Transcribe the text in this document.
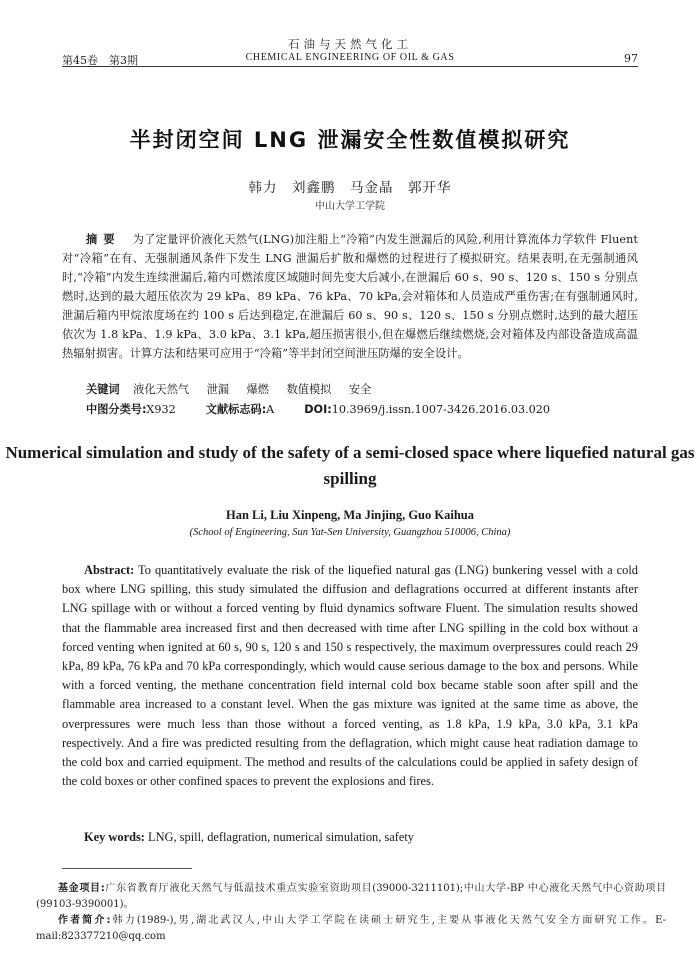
石油与天然气化工
第45卷　第3期	CHEMICAL ENGINEERING OF OIL & GAS	97
半封闭空间 LNG 泄漏安全性数值模拟研究
韩力　刘鑫鹏　马金晶　郭开华
中山大学工学院
摘要 为了定量评价液化天然气(LNG)加注船上“冷箱”内发生泄漏后的风险,利用计算流体力学软件 Fluent 对“冷箱”在有、无强制通风条件下发生 LNG 泄漏后扩散和爆燃的过程进行了模拟研究。结果表明,在无强制通风时,“冷箱”内发生连续泄漏后,箱内可燃浓度区域随时间先变大后减小,在泄漏后 60 s、90 s、120 s、150 s 分别点燃时,达到的最大超压依次为 29 kPa、89 kPa、76 kPa、70 kPa,会对箱体和人员造成严重伤害;在有强制通风时,泄漏后箱内甲烷浓度场在约 100 s 后达到稳定,在泄漏后 60 s、90 s、120 s、150 s 分别点燃时,达到的最大超压依次为 1.8 kPa、1.9 kPa、3.0 kPa、3.1 kPa,超压损害很小,但在爆燃后继续燃烧,会对箱体及内部设备造成高温热辐射损害。计算方法和结果可应用于“冷箱”等半封闭空间泄压防爆的安全设计。
关键词 液化天然气 泄漏 爆燃 数值模拟 安全
中图分类号:X932	文献标志码:A	DOI:10.3969/j.issn.1007-3426.2016.03.020
Numerical simulation and study of the safety of a semi-closed space where liquefied natural gas spilling
Han Li, Liu Xinpeng, Ma Jinjing, Guo Kaihua
(School of Engineering, Sun Yat-Sen University, Guangzhou 510006, China)
Abstract: To quantitatively evaluate the risk of the liquefied natural gas (LNG) bunkering vessel with a cold box where LNG spilling, this study simulated the diffusion and deflagrations occurred at different instants after LNG spillage with or without a forced venting by fluid dynamics software Fluent. The simulation results showed that the flammable area increased first and then decreased with time after LNG spilling in the cold box without a forced venting when ignited at 60 s, 90 s, 120 s and 150 s respectively, the maximum overpressures could reach 29 kPa, 89 kPa, 76 kPa and 70 kPa correspondingly, which would cause serious damage to the box and persons. While with a forced venting, the methane concentration field internal cold box became stable soon after spill and the flammable area increased to a constant level. When the gas mixture was ignited at the same time as above, the overpressures were much less than those without a forced venting, as 1.8 kPa, 1.9 kPa, 3.0 kPa, 3.1 kPa respectively. And a fire was predicted resulting from the deflagration, which might cause heat radiation damage to the cold box and carried equipment. The method and results of the calculations could be applied in safety design of the cold boxes or other confined spaces to prevent the explosions and fires.
Key words: LNG, spill, deflagration, numerical simulation, safety
基金项目:广东省教育厅液化天然气与低温技术重点实验室资助项目(39000-3211101);中山大学-BP 中心液化天然气中心资助项目(99103-9390001)。
作者简介:韩力(1989-),男,湖北武汉人,中山大学工学院在读硕士研究生,主要从事液化天然气安全方面研究工作。E-mail:823377210@qq.com
